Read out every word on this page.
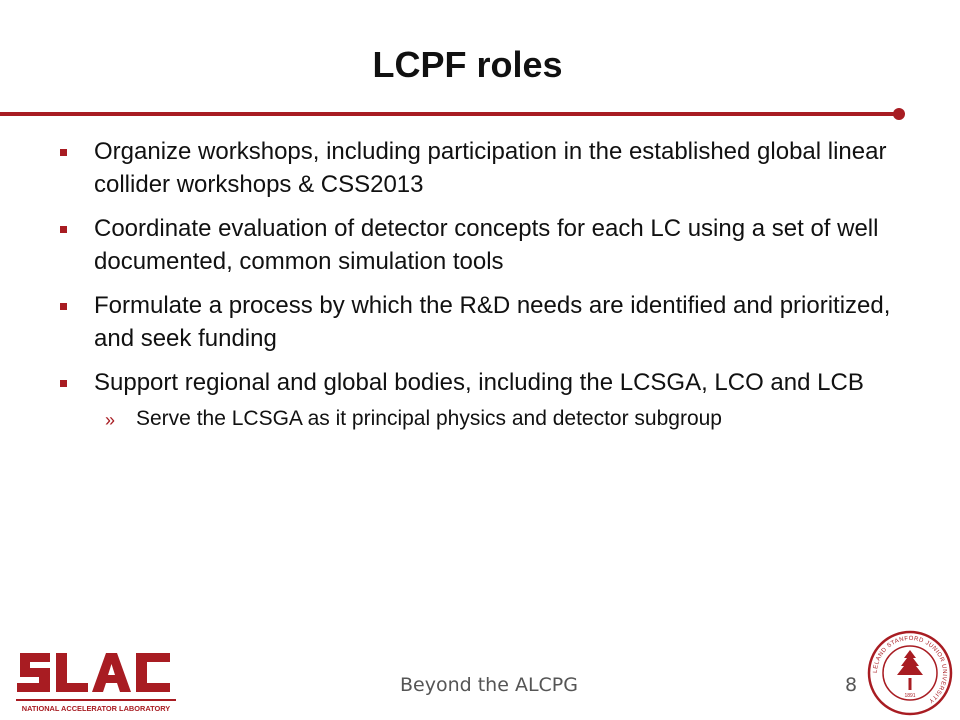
LCPF roles
Organize workshops, including participation in the established global linear collider workshops & CSS2013
Coordinate evaluation of detector concepts for each LC using a set of well documented, common simulation tools
Formulate a process by which the R&D needs are identified and prioritized, and seek funding
Support regional and global bodies, including the LCSGA, LCO and LCB
» Serve the LCSGA as it principal physics and detector subgroup
NATIONAL ACCELERATOR LABORATORY
Beyond the ALCPG	8
LELAND STANFORD JUNIOR UNIVERSITY
1891
